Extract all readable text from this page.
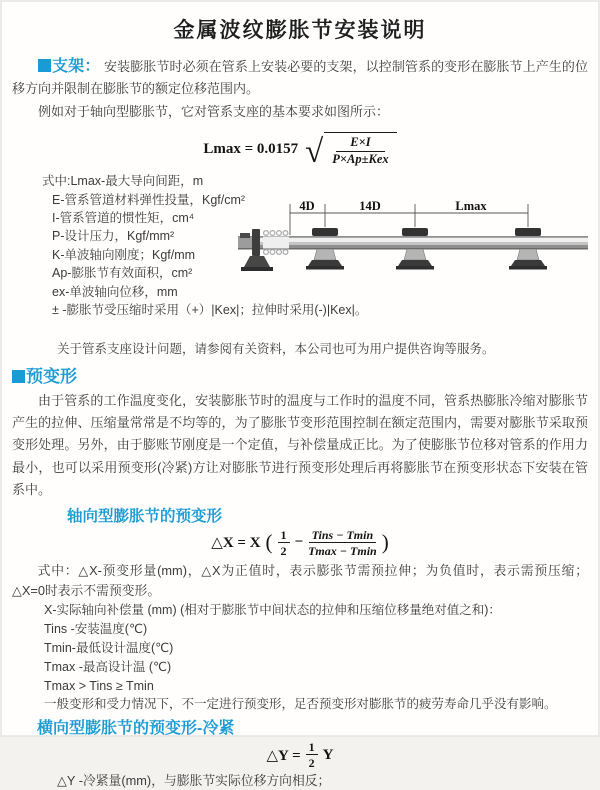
金属波纹膨胀节安装说明

支架： 安装膨胀节时必须在管系上安装必要的支架，以控制管系的变形在膨胀节上产生的位移方向并限制在膨胀节的额定位移范围内。

例如对于轴向型膨胀节，它对管系支座的基本要求如图所示：

Lmax = 0.0157 √	E×I
P×Ap±Kex
式中:Lmax-最大导向间距，m
E-管系管道材料弹性投量，Kgf/cm²
I-管系管道的惯性矩，cm⁴
P-设计压力，Kgf/mm²
K-单波轴向刚度；Kgf/mm
Ap-膨胀节有效面积，cm²
ex-单波轴向位移，mm
± -膨胀节受压缩时采用（+）|Kex|；拉伸时采用(-)|Kex|。
4D	14D	Lmax

关于管系支座设计问题，请参阅有关资料，本公司也可为用户提供咨询等服务。

预变形

由于管系的工作温度变化，安装膨胀节时的温度与工作时的温度不同，管系热膨胀冷缩对膨胀节产生的拉伸、压缩量常常是不均等的，为了膨胀节变形范围控制在额定范围内，需要对膨胀节采取预变形处理。另外，由于膨账节刚度是一个定值，与补偿量成正比。为了使膨胀节位移对管系的作用力最小，也可以采用预变形(冷紧)方让对膨胀节进行预变形处理后再将膨胀节在预变形状态下安装在管系中。

轴向型膨胀节的预变形
△X = X ( $\frac{1}{2} - \frac{\text{Tins − Tmin}}{Tmax - Tmin}$ )

式中：△X-预变形量(mm)，△X为正值时，表示膨张节需预拉伸；为负值时，表示需预压缩；△X=0时表示不需预变形。

X-实际轴向补偿量 (mm) (相对于膨胀节中间状态的拉伸和压缩位移量绝对值之和)：
Tins -安装温度(℃)
Tmin-最低设计温度(℃)
Tmax -最高设计温 (℃)
Tmax > Tins ≥ Tmin
一般变形和受力情况下，不一定进行预变形，足否预变形对膨胀节的疲劳寿命几乎没有影响。
横向型膨胀节的预变形-冷紧
△Y = $\frac{1}{2}$ Y

△Y -冷紧量(mm)，与膨胀节实际位移方向相反；
